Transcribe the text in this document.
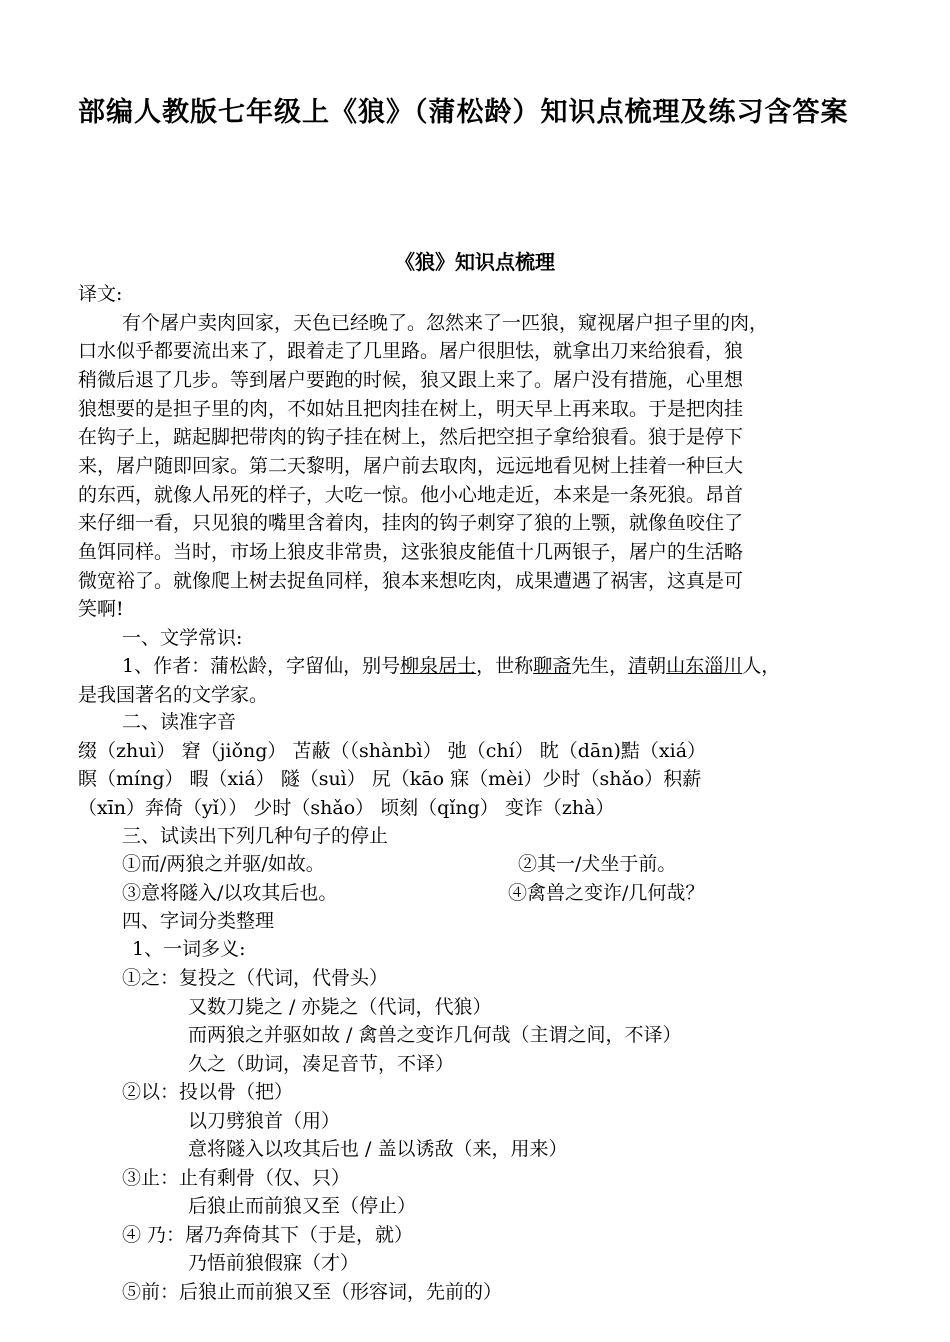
部编人教版七年级上《狼》（蒲松龄）知识点梳理及练习含答案
《狼》知识点梳理
译文:
有个屠户卖肉回家，天色已经晚了。忽然来了一匹狼，窥视屠户担子里的肉，
口水似乎都要流出来了，跟着走了几里路。屠户很胆怯，就拿出刀来给狼看，狼
稍微后退了几步。等到屠户要跑的时候，狼又跟上来了。屠户没有措施，心里想
狼想要的是担子里的肉，不如姑且把肉挂在树上，明天早上再来取。于是把肉挂
在钩子上，踮起脚把带肉的钩子挂在树上，然后把空担子拿给狼看。狼于是停下
来，屠户随即回家。第二天黎明，屠户前去取肉，远远地看见树上挂着一种巨大
的东西，就像人吊死的样子，大吃一惊。他小心地走近，本来是一条死狼。昂首
来仔细一看，只见狼的嘴里含着肉，挂肉的钩子刺穿了狼的上颚，就像鱼咬住了
鱼饵同样。当时，市场上狼皮非常贵，这张狼皮能值十几两银子，屠户的生活略
微宽裕了。就像爬上树去捉鱼同样，狼本来想吃肉，成果遭遇了祸害，这真是可
笑啊!
一、文学常识:
1、作者：蒲松龄，字留仙，别号柳泉居士，世称聊斋先生，清朝山东淄川人，
是我国著名的文学家。
二、读准字音
缀（zhuì） 窘（jiǒng） 苫蔽（（shànbì） 弛（chí） 眈（dān)黠（xiá）
瞑（míng） 暇（xiá） 隧（suì） 尻（kāo 寐（mèi）少时（shǎo）积薪
（xīn）奔倚（yǐ）） 少时（shǎo） 顷刻（qǐng） 变诈（zhà）
三、试读出下列几种句子的停止
①而/两狼之并驱/如故。	②其一/犬坐于前。
③意将隧入/以攻其后也。	④禽兽之变诈/几何哉？
四、字词分类整理
1、一词多义:
①之：复投之（代词，代骨头）
又数刀毙之 / 亦毙之（代词，代狼）
而两狼之并驱如故 / 禽兽之变诈几何哉（主谓之间，不译）
久之（助词，凑足音节，不译）
②以：投以骨（把）
以刀劈狼首（用）
意将隧入以攻其后也 / 盖以诱敌（来，用来）
③止：止有剩骨（仅、只）
后狼止而前狼又至（停止）
④ 乃：屠乃奔倚其下（于是，就）
乃悟前狼假寐（才）
⑤前：后狼止而前狼又至（形容词，先前的）
